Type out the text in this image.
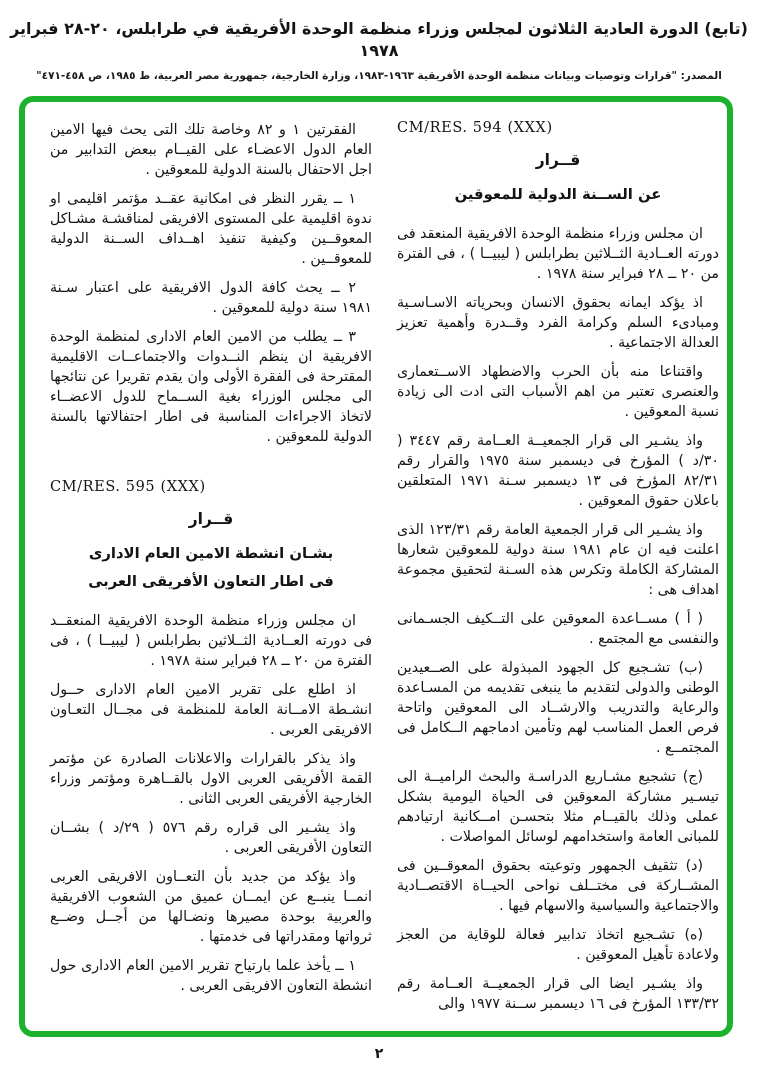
(تابع) الدورة العادية الثلاثون لمجلس وزراء منظمة الوحدة الأفريقية في طرابلس، ٢٠-٢٨ فبراير ١٩٧٨
المصدر: "قرارات وتوصيات وبيانات منظمة الوحدة الأفريقية ١٩٦٣-١٩٨٣، وزارة الخارجية، جمهورية مصر العربية، ط ١٩٨٥، ص ٤٥٨-٤٧١"

CM/RES. 594 (XXX)

قــرار

عن الســنة الدولية للمعوقين

ان مجلس وزراء منظمة الوحدة الافريقية المنعقد فى دورته العــادية الثــلاثين بطرابلس ( ليبيــا ) ، فى الفترة من ٢٠ ــ ٢٨ فبراير سنة ١٩٧٨ .

اذ يؤكد ايمانه بحقوق الانسان وبحرياته الاسـاسـية ومبادىء السلم وكرامة الفرد وقــدرة وأهمية تعزيز العدالة الاجتماعية .

واقتناعا منه بأن الحرب والاضطهاد الاســتعمارى والعنصرى تعتبر من اهم الأسباب التى ادت الى زيادة نسبة المعوقين .

واذ يشـير الى قرار الجمعيــة العــامة رقم ٣٤٤٧ ( ٣٠/د ) المؤرخ فى ديسمبر سنة ١٩٧٥ والقرار رقم ٨٢/٣١ المؤرخ فى ١٣ ديسمبر سـنة ١٩٧١ المتعلقين باعلان حقوق المعوقين .

واذ يشـير الى قرار الجمعية العامة رقم ١٢٣/٣١ الذى اعلنت فيه ان عام ١٩٨١ سنة دولية للمعوقين شعارها المشاركة الكاملة وتكرس هذه السـنة لتحقيق مجموعة اهداف هى :

( أ ) مســاعدة المعوقين على التــكيف الجسـمانى والنفسى مع المجتمع .

(ب) تشـجيع كل الجهود المبذولة على الصــعيدين الوطنى والدولى لتقديم ما ينبغى تقديمه من المسـاعدة والرعاية والتدريب والارشــاد الى المعوقين واتاحة فرص العمل المناسب لهم وتأمين ادماجهم الــكامل فى المجتمــع .

(ج) تشجيع مشـاريع الدراسـة والبحث الراميــة الى تيسـير مشاركة المعوقين فى الحياة اليومية بشكل عملى وذلك بالقيــام مثلا بتحسـن امــكانية ارتيادهم للمبانى العامة واستخدامهم لوسائل المواصلات .

(د) تثقيف الجمهور وتوعيته بحقوق المعوقــين فى المشــاركة فى مختــلف نواحى الحيــاة الاقتصــادية والاجتماعية والسياسية والاسهام فيها .

(ه) تشـجيع اتخاذ تدابير فعالة للوقاية من العجز ولاعادة تأهيل المعوقين .

واذ يشـير ايضا الى قرار الجمعيــة العــامة رقم ١٣٣/٣٢ المؤرخ فى ١٦ ديسمبر ســنة ١٩٧٧ والى

الفقرتين ١ و ٨٢ وخاصة تلك التى يحث فيها الامين العام الدول الاعضـاء على القيــام ببعض التدابير من اجل الاحتفال بالسنة الدولية للمعوقين .

١ ــ يقرر النظر فى امكانية عقــد مؤتمر اقليمى او ندوة اقليمية على المستوى الافريقى لمناقشـة مشـاكل المعوقــين وكيفية تنفيذ اهــداف الســنة الدولية للمعوقــين .

٢ ــ يحث كافة الدول الافريقية على اعتبار سـنة ١٩٨١ سنة دولية للمعوقين .

٣ ــ يطلب من الامين العام الادارى لمنظمة الوحدة الافريقية ان ينظم النــدوات والاجتماعــات الاقليمية المقترحة فى الفقرة الأولى وان يقدم تقريرا عن نتائجها الى مجلس الوزراء بغية الســماح للدول الاعضــاء لاتخاذ الاجراءات المناسبة فى اطار احتفالاتها بالسنة الدولية للمعوقين .

CM/RES. 595 (XXX)

قــرار

بشـان انشطة الامين العام الادارى

فى اطار التعاون الأفريقى العربى

ان مجلس وزراء منظمة الوحدة الافريقية المنعقــد فى دورته العــادية الثــلاثين بطرابلس ( ليبيــا ) ، فى الفترة من ٢٠ ــ ٢٨ فبراير سنة ١٩٧٨ .

اذ اطلع على تقرير الامين العام الادارى حــول انشـطة الامــانة العامة للمنظمة فى مجــال التعـاون الافريقى العربى .

واذ يذكر بالقرارات والاعلانات الصادرة عن مؤتمر القمة الأفريقى العربى الاول بالقــاهرة ومؤتمر وزراء الخارجية الأفريقى العربى الثانى .

واذ يشـير الى قراره رقم ٥٧٦ ( ٢٩/د ) بشــان التعاون الأفريقى العربى .

واذ يؤكد من جديد بأن التعــاون الافريقى العربى انمــا ينبــع عن ايمــان عميق من الشعوب الافريقية والعربية بوحدة مصيرها ونضـالها من أجــل وضــع ثرواتها ومقدراتها فى خدمتها .

١ ــ يأخذ علما بارتياح تقرير الامين العام الادارى حول انشطة التعاون الافريقى العربى .

٢
